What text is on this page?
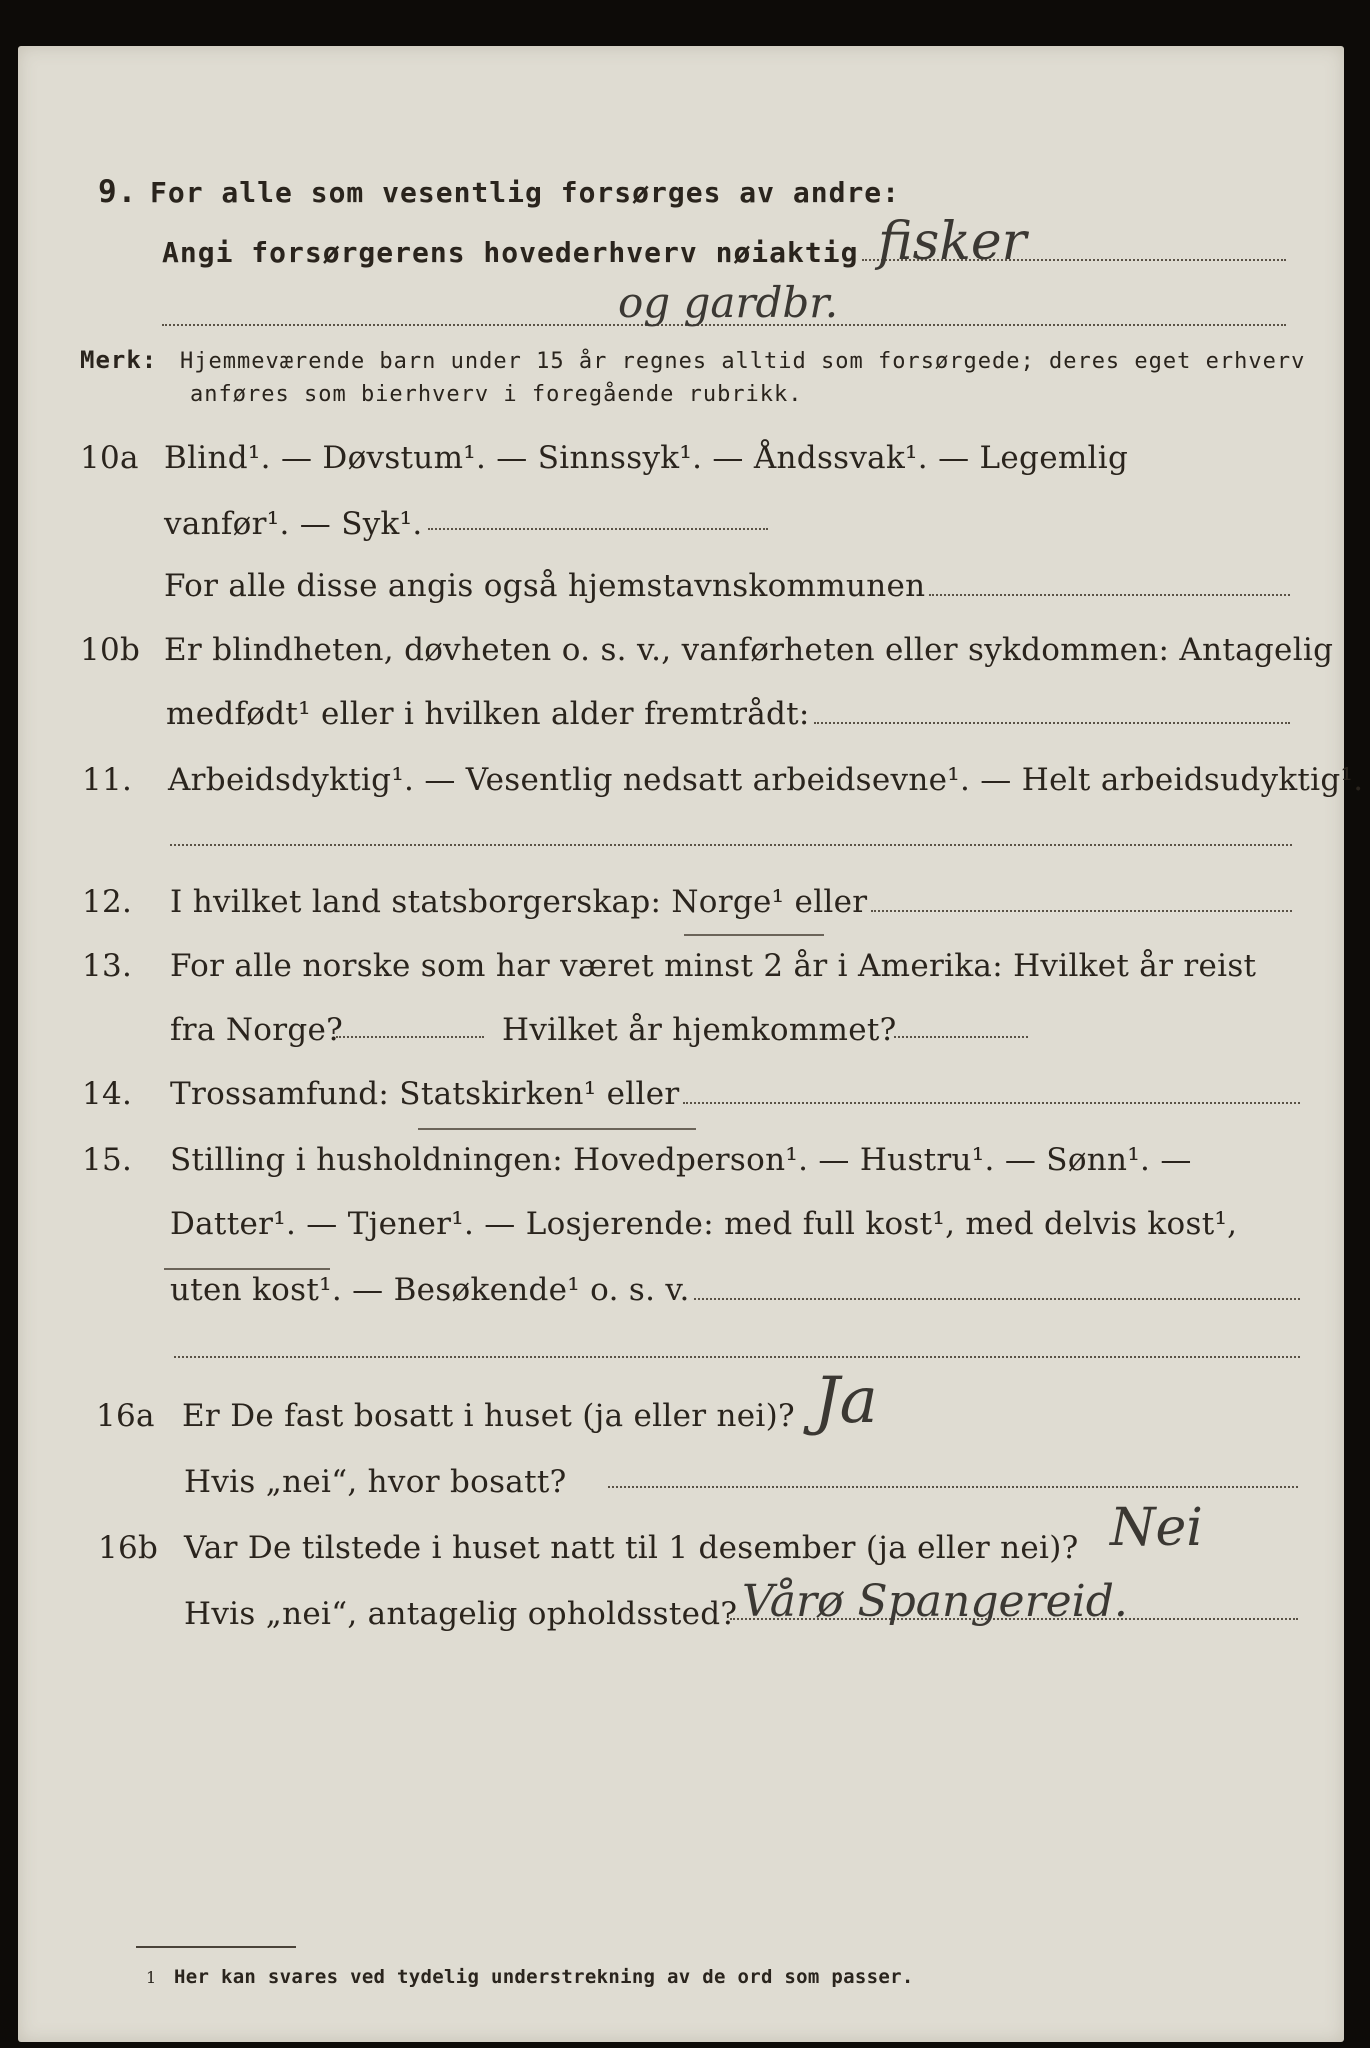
9. For alle som vesentlig forsørges av andre:
Angi forsørgerens hovederhverv nøiaktig fisker
og gardbr.
Merk:	Hjemmeværende barn under 15 år regnes alltid som forsørgede; deres eget erhverv
anføres som bierhverv i foregående rubrikk.
10a Blind¹. — Døvstum¹. — Sinnssyk¹. — Åndssvak¹. — Legemlig
vanfør¹. — Syk¹.
For alle disse angis også hjemstavnskommunen
10b Er blindheten, døvheten o. s. v., vanførheten eller sykdommen: Antagelig
medfødt¹ eller i hvilken alder fremtrådt:
11.	Arbeidsdyktig¹. — Vesentlig nedsatt arbeidsevne¹. — Helt arbeidsudyktig¹.
12.	I hvilket land statsborgerskap: Norge¹ eller
13.	For alle norske som har været minst 2 år i Amerika: Hvilket år reist
fra Norge?	Hvilket år hjemkommet?
14.	Trossamfund: Statskirken¹ eller
15.	Stilling i husholdningen: Hovedperson¹. — Hustru¹. — Sønn¹. —
Datter¹. — Tjener¹. — Losjerende: med full kost¹, med delvis kost¹,
uten kost¹. — Besøkende¹ o. s. v.
16a Er De fast bosatt i huset (ja eller nei)? Ja
Hvis „nei“, hvor bosatt?
16b Var De tilstede i huset natt til 1 desember (ja eller nei)? Nei
Hvis „nei“, antagelig opholdssted? Vårø Spangereid.
1 Her kan svares ved tydelig understrekning av de ord som passer.
